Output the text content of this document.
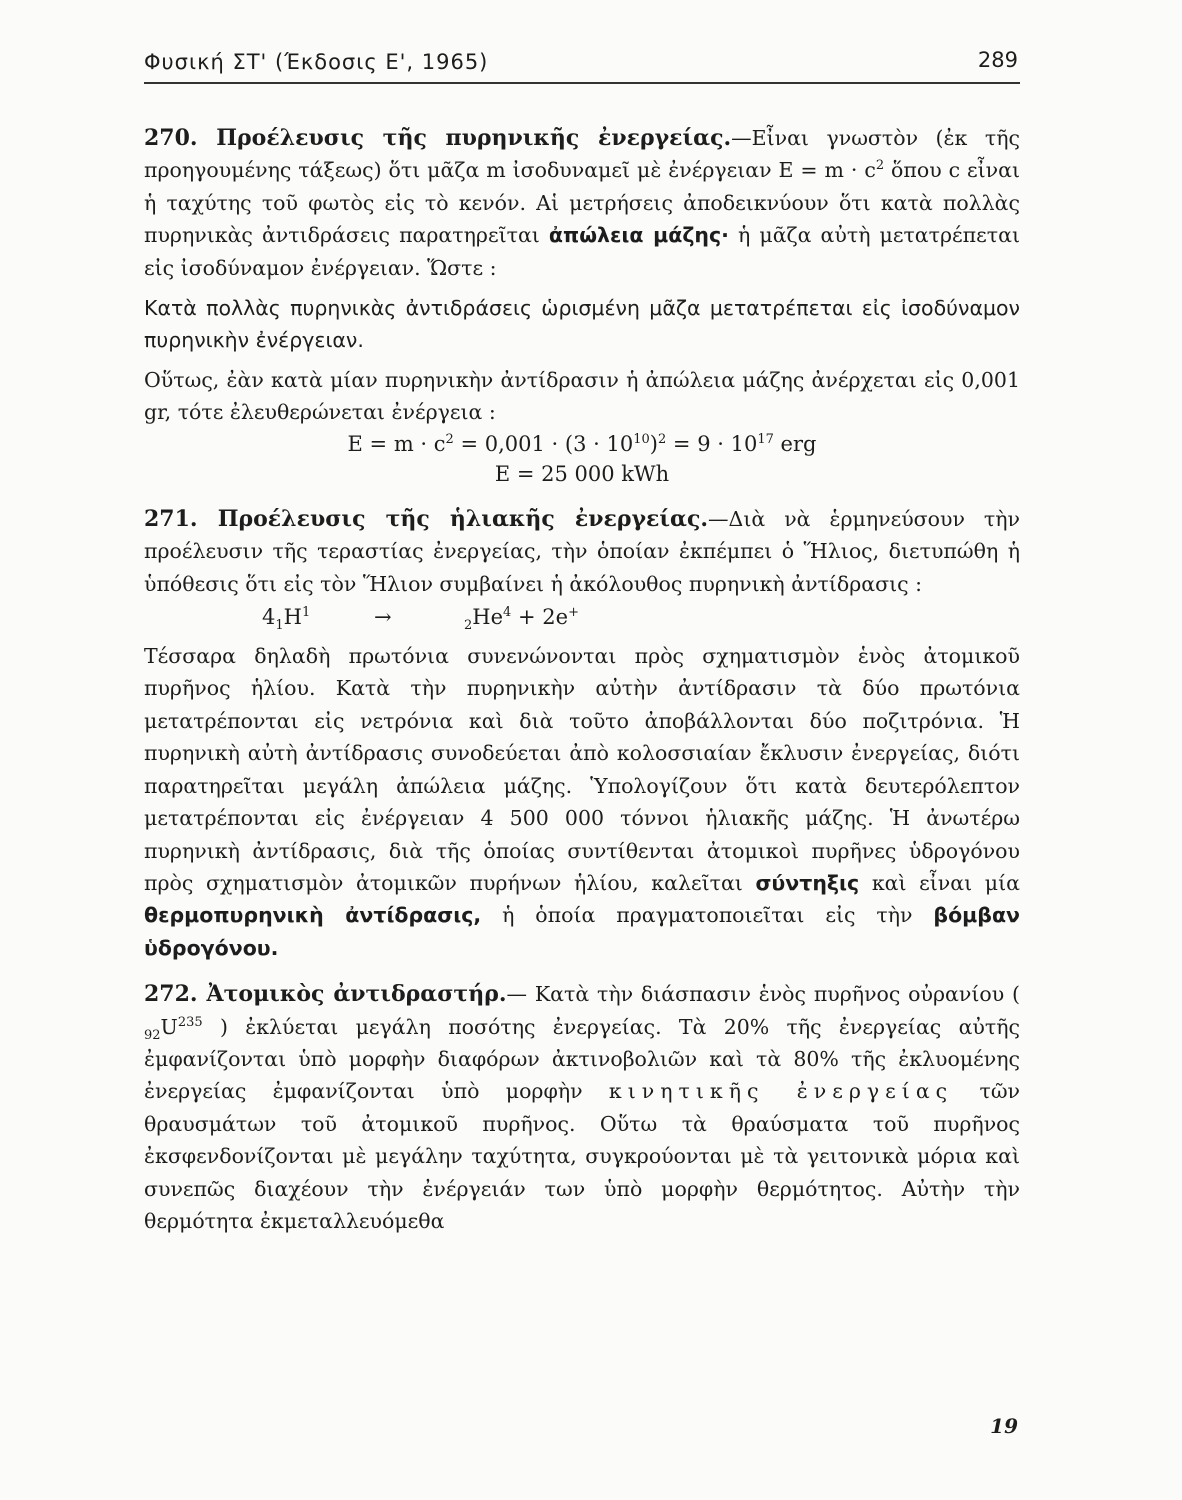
Φυσική ΣΤ' (Έκδοσις Ε', 1965)	289

270. Προέλευσις τῆς πυρηνικῆς ἐνεργείας.—Εἶναι γνωστὸν (ἐκ τῆς προηγουμένης τάξεως) ὅτι μᾶζα m ἰσοδυναμεῖ μὲ ἐνέργειαν $E = m \cdot c^2$ ὅπου c εἶναι ἡ ταχύτης τοῦ φωτὸς εἰς τὸ κενόν. Αἱ μετρήσεις ἀποδεικνύουν ὅτι κατὰ πολλὰς πυρηνικὰς ἀντιδράσεις παρατηρεῖται ἀπώλεια μάζης· ἡ μᾶζα αὐτὴ μετατρέπεται εἰς ἰσοδύναμον ἐνέργειαν. Ὥστε :

Κατὰ πολλὰς πυρηνικὰς ἀντιδράσεις ὡρισμένη μᾶζα μετατρέπεται εἰς ἰσοδύναμον πυρηνικὴν ἐνέργειαν.

Οὕτως, ἐὰν κατὰ μίαν πυρηνικὴν ἀντίδρασιν ἡ ἀπώλεια μάζης ἀνέρχεται εἰς 0,001 gr, τότε ἐλευθερώνεται ἐνέργεια :

$E = m \cdot c^2 = 0,001 \cdot (3 \cdot 10^{10})^2 = 9 \cdot 10^{17}$ erg

E = 25 000 kWh

271. Προέλευσις τῆς ἡλιακῆς ἐνεργείας.—Διὰ νὰ ἑρμηνεύσουν τὴν προέλευσιν τῆς τεραστίας ἐνεργείας, τὴν ὁποίαν ἐκπέμπει ὁ Ἥλιος, διετυπώθη ἡ ὑπόθεσις ὅτι εἰς τὸν Ἥλιον συμβαίνει ἡ ἀκόλουθος πυρηνικὴ ἀντίδρασις :

$4_1H^1$	→	$_2He^4 + 2e^+$

Τέσσαρα δηλαδὴ πρωτόνια συνενώνονται πρὸς σχηματισμὸν ἑνὸς ἀτομικοῦ πυρῆνος ἡλίου. Κατὰ τὴν πυρηνικὴν αὐτὴν ἀντίδρασιν τὰ δύο πρωτόνια μετατρέπονται εἰς νετρόνια καὶ διὰ τοῦτο ἀποβάλλονται δύο ποζιτρόνια. Ἡ πυρηνικὴ αὐτὴ ἀντίδρασις συνοδεύεται ἀπὸ κολοσσιαίαν ἔκλυσιν ἐνεργείας, διότι παρατηρεῖται μεγάλη ἀπώλεια μάζης. Ὑπολογίζουν ὅτι κατὰ δευτερόλεπτον μετατρέπονται εἰς ἐνέργειαν 4 500 000 τόννοι ἡλιακῆς μάζης. Ἡ ἀνωτέρω πυρηνικὴ ἀντίδρασις, διὰ τῆς ὁποίας συντίθενται ἀτομικοὶ πυρῆνες ὑδρογόνου πρὸς σχηματισμὸν ἀτομικῶν πυρήνων ἡλίου, καλεῖται σύντηξις καὶ εἶναι μία θερμοπυρηνικὴ ἀντίδρασις, ἡ ὁποία πραγματοποιεῖται εἰς τὴν βόμβαν ὑδρογόνου.

272. Ἀτομικὸς ἀντιδραστήρ.— Κατὰ τὴν διάσπασιν ἑνὸς πυρῆνος οὐρανίου ( $_{92}U^{235}$ ) ἐκλύεται μεγάλη ποσότης ἐνεργείας. Τὰ 20% τῆς ἐνεργείας αὐτῆς ἐμφανίζονται ὑπὸ μορφὴν διαφόρων ἀκτινοβολιῶν καὶ τὰ 80% τῆς ἐκλυομένης ἐνεργείας ἐμφανίζονται ὑπὸ μορφὴν κινητικῆς ἐνεργείας τῶν θραυσμάτων τοῦ ἀτομικοῦ πυρῆνος. Οὕτω τὰ θραύσματα τοῦ πυρῆνος ἐκσφενδονίζονται μὲ μεγάλην ταχύτητα, συγκρούονται μὲ τὰ γειτονικὰ μόρια καὶ συνεπῶς διαχέουν τὴν ἐνέργειάν των ὑπὸ μορφὴν θερμότητος. Αὐτὴν τὴν θερμότητα ἐκμεταλλευόμεθα

19
